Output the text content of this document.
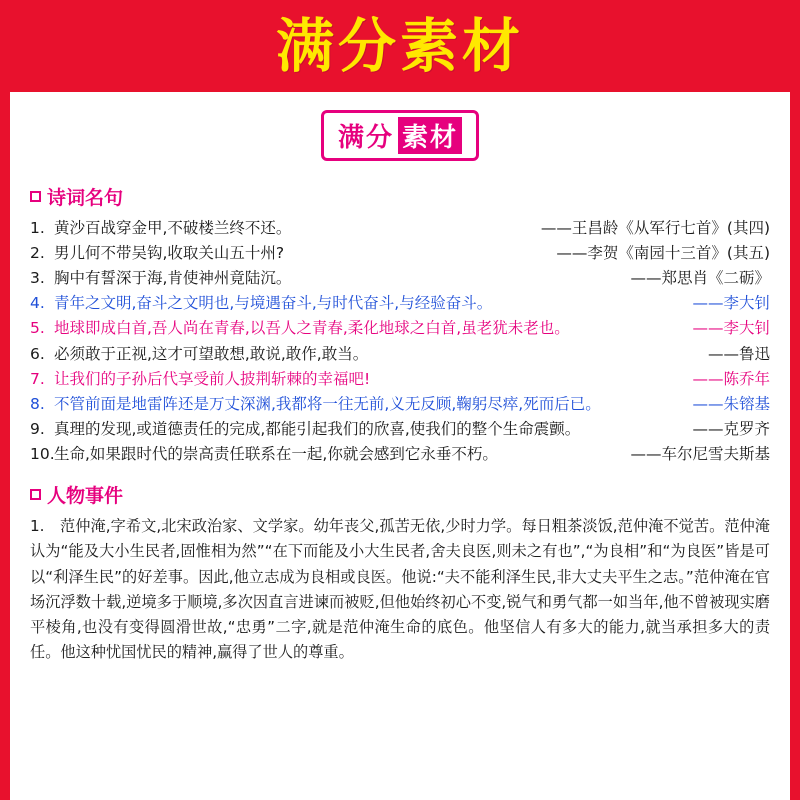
满分素材
满分 素材
诗词名句
1. 黄沙百战穿金甲,不破楼兰终不还。	——王昌龄《从军行七首》(其四)
2. 男儿何不带吴钩,收取关山五十州?	——李贺《南园十三首》(其五)
3. 胸中有誓深于海,肯使神州竟陆沉。	——郑思肖《二砺》
4. 青年之文明,奋斗之文明也,与境遇奋斗,与时代奋斗,与经验奋斗。	——李大钊
5. 地球即成白首,吾人尚在青春,以吾人之青春,柔化地球之白首,虽老犹未老也。	——李大钊
6. 必须敢于正视,这才可望敢想,敢说,敢作,敢当。	——鲁迅
7. 让我们的子孙后代享受前人披荆斩棘的幸福吧!	——陈乔年
8. 不管前面是地雷阵还是万丈深渊,我都将一往无前,义无反顾,鞠躬尽瘁,死而后已。	——朱镕基
9. 真理的发现,或道德责任的完成,都能引起我们的欣喜,使我们的整个生命震颤。	——克罗齐
10. 生命,如果跟时代的崇高责任联系在一起,你就会感到它永垂不朽。	——车尔尼雪夫斯基
人物事件

1. 范仲淹,字希文,北宋政治家、文学家。幼年丧父,孤苦无依,少时力学。每日粗茶淡饭,范仲淹不觉苦。范仲淹认为“能及大小生民者,固惟相为然”“在下而能及小大生民者,舍夫良医,则未之有也”,“为良相”和“为良医”皆是可以“利泽生民”的好差事。因此,他立志成为良相或良医。他说:“夫不能利泽生民,非大丈夫平生之志。”范仲淹在官场沉浮数十载,逆境多于顺境,多次因直言进谏而被贬,但他始终初心不变,锐气和勇气都一如当年,他不曾被现实磨平棱角,也没有变得圆滑世故,“忠勇”二字,就是范仲淹生命的底色。他坚信人有多大的能力,就当承担多大的责任。他这种忧国忧民的精神,赢得了世人的尊重。
